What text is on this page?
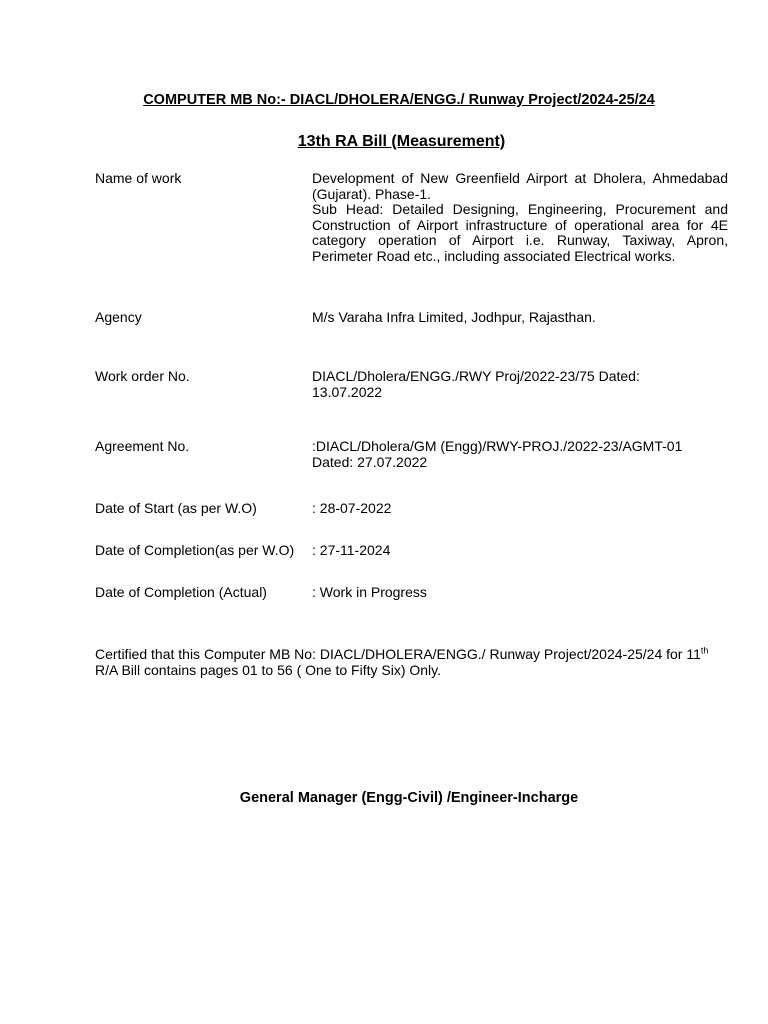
COMPUTER MB No:- DIACL/DHOLERA/ENGG./ Runway Project/2024-25/24
13th RA Bill (Measurement)
Name of work	Development of New Greenfield Airport at Dholera, Ahmedabad (Gujarat). Phase-1.
Sub Head: Detailed Designing, Engineering, Procurement and Construction of Airport infrastructure of operational area for 4E category operation of Airport i.e. Runway, Taxiway, Apron, Perimeter Road etc., including associated Electrical works.
Agency	M/s Varaha Infra Limited, Jodhpur, Rajasthan.
Work order No.	DIACL/Dholera/ENGG./RWY Proj/2022-23/75 Dated: 13.07.2022
Agreement No.	:DIACL/Dholera/GM (Engg)/RWY-PROJ./2022-23/AGMT-01
Dated: 27.07.2022
Date of Start (as per W.O)	: 28-07-2022
Date of Completion(as per W.O)	: 27-11-2024
Date of Completion (Actual)	: Work in Progress
Certified that this Computer MB No: DIACL/DHOLERA/ENGG./ Runway Project/2024-25/24 for 11th R/A Bill contains pages 01 to 56 ( One to Fifty Six) Only.
General Manager (Engg-Civil) /Engineer-Incharge
